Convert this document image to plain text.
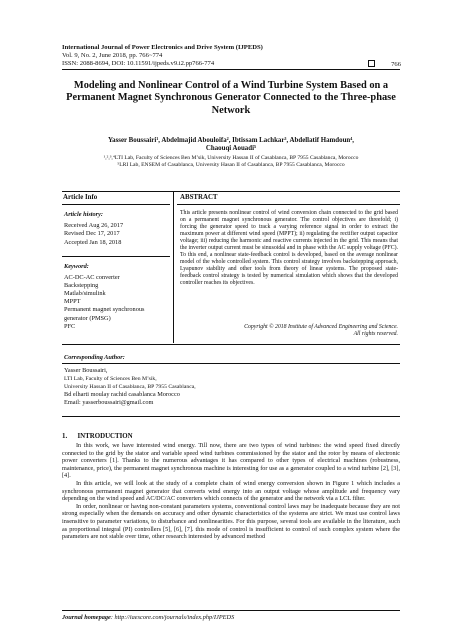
International Journal of Power Electronics and Drive System (IJPEDS)
Vol. 9, No. 2, June 2018, pp. 766~774
ISSN: 2088-8694, DOI: 10.11591/ijpeds.v9.i2.pp766-774	766
Modeling and Nonlinear Control of a Wind Turbine System Based on a Permanent Magnet Synchronous Generator Connected to the Three-phase Network
Yasser Boussairi¹, Abdelmajid Abouloifa², Ibtissam Lachkar³, Abdellatif Hamdoun⁴,
Chaouqi Aouadi⁵
¹,²,³,⁴LTI Lab, Faculty of Sciences Ben M’sik, University Hassan II of Casablanca, BP 7955 Casablanca, Morocco
⁵LRI Lab, ENSEM of Casablanca, University Hasan II of Casablanca, BP 7955 Casablanca, Morocco
Article Info	ABSTRACT
Article history:
Received Aug 26, 2017
Revised Dec 17, 2017
Accepted Jan 18, 2018
Keyword:
AC-DC-AC converter
Backstepping
Matlab/simulink
MPPT
Permanent magnet synchronous
generator (PMSG)
PFC
This article presents nonlinear control of wind conversion chain connected to the grid based on a permanent magnet synchronous generator. The control objectives are threefold; i) forcing the generator speed to track a varying reference signal in order to extract the maximum power at different wind speed (MPPT); ii) regulating the rectifier output capacitor voltage; iii) reducing the harmonic and reactive currents injected in the grid. This means that the inverter output current must be sinusoidal and in phase with the AC supply voltage (PFC). To this end, a nonlinear state-feedback control is developed, based on the average nonlinear model of the whole controlled system. This control strategy involves backstepping approach, Lyapunov stability and other tools from theory of linear systems. The proposed state-feedback control strategy is tested by numerical simulation which shows that the developed controller reaches its objectives.
Copyright © 2018 Institute of Advanced Engineering and Science.
All rights reserved.
Corresponding Author:
Yasser Boussairi,
LTI Lab, Faculty of Sciences Ben M’sik,
University Hassan II of Casablanca, BP 7955 Casablanca,
Bd elharti moulay rachid casablanca Morocco
Email: yasserboussairi@gmail.com
1.      INTRODUCTION

In this work, we have interested wind energy. Till now, there are two types of wind turbines: the wind speed fixed directly connected to the grid by the stator and variable speed wind turbines commissioned by the stator and the rotor by means of electronic power converters [1]. Thanks to the numerous advantages it has compared to other types of electrical machines (robustness, maintenance, price), the permanent magnet synchronous machine is interesting for use as a generator coupled to a wind turbine [2], [3], [4].

In this article, we will look at the study of a complete chain of wind energy conversion shown in Figure 1 which includes a synchronous permanent magnet generator that converts wind energy into an output voltage whose amplitude and frequency vary depending on the wind speed and AC/DC/AC converters which connects of the generator and the network via a LCL filter.

In order, nonlinear or having non-constant parameters systems, conventional control laws may be inadequate because they are not strong especially when the demands on accuracy and other dynamic characteristics of the systems are strict. We must use control laws insensitive to parameter variations, to disturbance and nonlinearities. For this purpose, several tools are available in the literature, such as proportional integral (PI) controllers [5], [6], [7]. this mode of control is insufficient to control of such complex system where the parameters are not stable over time, other research interested by advanced method

Journal homepage: http://iaescore.com/journals/index.php/IJPEDS
